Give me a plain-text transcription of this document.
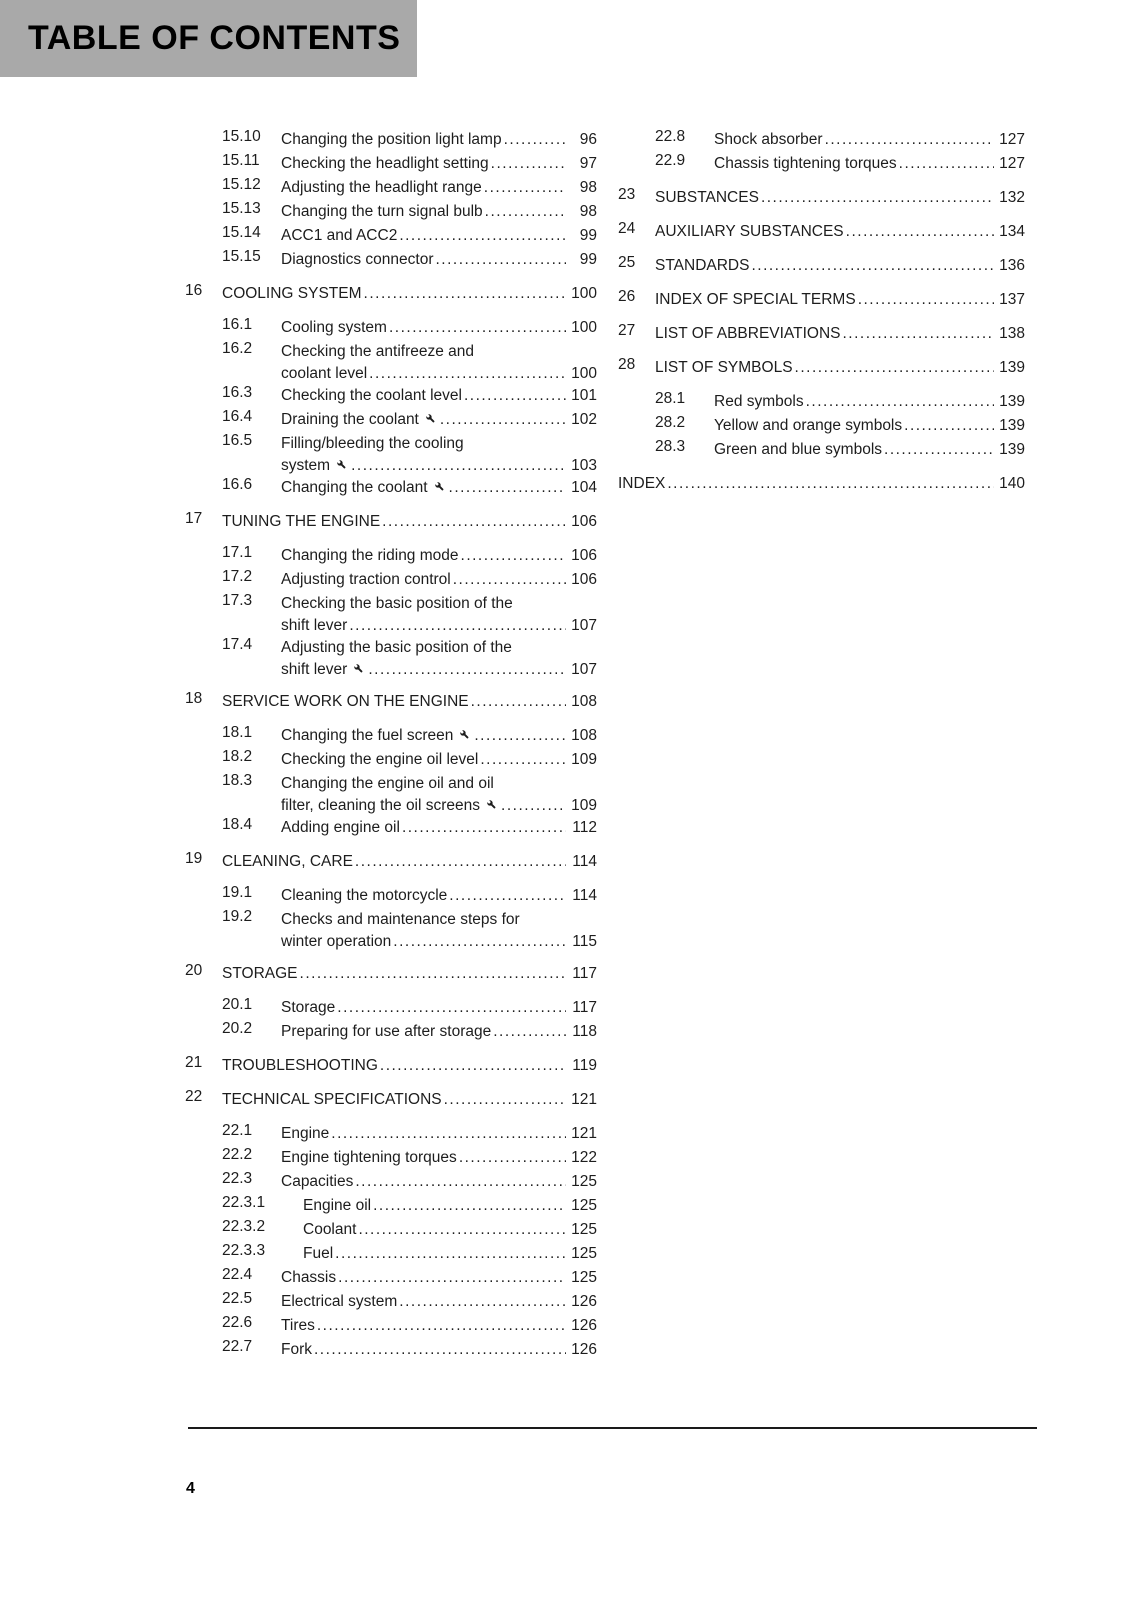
TABLE OF CONTENTS
15.10	Changing the position light lamp .....	96
15.11	Checking the headlight setting .....	97
15.12	Adjusting the headlight range .....	98
15.13	Changing the turn signal bulb .....	98
15.14	ACC1 and ACC2 .....	99
15.15	Diagnostics connector .....	99
16	COOLING SYSTEM .....	100
16.1	Cooling system .....	100
16.2	Checking the antifreeze and
coolant level .....	100
16.3	Checking the coolant level .....	101
16.4	Draining the coolant .....	102
16.5	Filling/bleeding the cooling
system .....	103
16.6	Changing the coolant .....	104
17	TUNING THE ENGINE .....	106
17.1	Changing the riding mode .....	106
17.2	Adjusting traction control .....	106
17.3	Checking the basic position of the
shift lever .....	107
17.4	Adjusting the basic position of the
shift lever .....	107
18	SERVICE WORK ON THE ENGINE .....	108
18.1	Changing the fuel screen .....	108
18.2	Checking the engine oil level .....	109
18.3	Changing the engine oil and oil
filter, cleaning the oil screens .....	109
18.4	Adding engine oil .....	112
19	CLEANING, CARE .....	114
19.1	Cleaning the motorcycle .....	114
19.2	Checks and maintenance steps for
winter operation .....	115
20	STORAGE .....	117
20.1	Storage .....	117
20.2	Preparing for use after storage .....	118
21	TROUBLESHOOTING .....	119
22	TECHNICAL SPECIFICATIONS .....	121
22.1	Engine .....	121
22.2	Engine tightening torques .....	122
22.3	Capacities .....	125
22.3.1	Engine oil .....	125
22.3.2	Coolant .....	125
22.3.3	Fuel .....	125
22.4	Chassis .....	125
22.5	Electrical system .....	126
22.6	Tires .....	126
22.7	Fork .....	126
22.8	Shock absorber .....	127
22.9	Chassis tightening torques .....	127
23	SUBSTANCES .....	132
24	AUXILIARY SUBSTANCES .....	134
25	STANDARDS .....	136
26	INDEX OF SPECIAL TERMS .....	137
27	LIST OF ABBREVIATIONS .....	138
28	LIST OF SYMBOLS .....	139
28.1	Red symbols .....	139
28.2	Yellow and orange symbols .....	139
28.3	Green and blue symbols .....	139
INDEX .....	140
4
